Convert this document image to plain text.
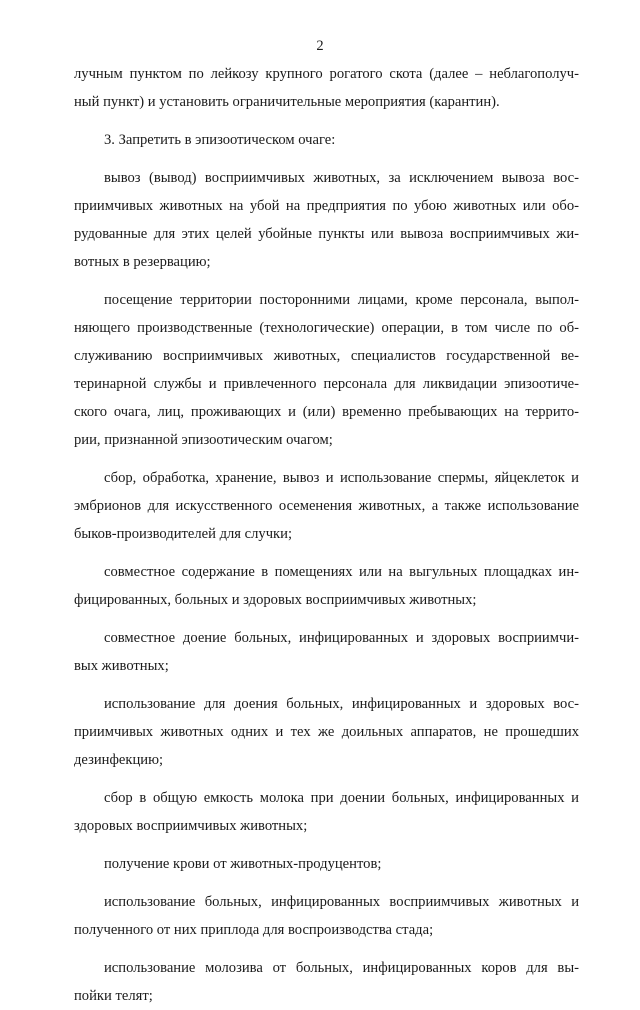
2
лучным пунктом по лейкозу крупного рогатого скота (далее – неблагополуч-
ный пункт) и установить ограничительные мероприятия (карантин).
3. Запретить в эпизоотическом очаге:
вывоз (вывод) восприимчивых животных, за исключением вывоза вос-
приимчивых животных на убой на предприятия по убою животных или обо-
рудованные для этих целей убойные пункты или вывоза восприимчивых жи-
вотных в резервацию;
посещение территории посторонними лицами, кроме персонала, выпол-
няющего производственные (технологические) операции, в том числе по об-
служиванию восприимчивых животных, специалистов государственной ве-
теринарной службы и привлеченного персонала для ликвидации эпизоотиче-
ского очага, лиц, проживающих и (или) временно пребывающих на террито-
рии, признанной эпизоотическим очагом;
сбор, обработка, хранение, вывоз и использование спермы, яйцеклеток и
эмбрионов для искусственного осеменения животных, а также использование
быков-производителей для случки;
совместное содержание в помещениях или на выгульных площадках ин-
фицированных, больных и здоровых восприимчивых животных;
совместное доение больных, инфицированных и здоровых восприимчи-
вых животных;
использование для доения больных, инфицированных и здоровых вос-
приимчивых животных одних и тех же доильных аппаратов, не прошедших
дезинфекцию;
сбор в общую емкость молока при доении больных, инфицированных и
здоровых восприимчивых животных;
получение крови от животных-продуцентов;
использование больных, инфицированных восприимчивых животных и
полученного от них приплода для воспроизводства стада;
использование молозива от больных, инфицированных коров для вы-
пойки телят;
